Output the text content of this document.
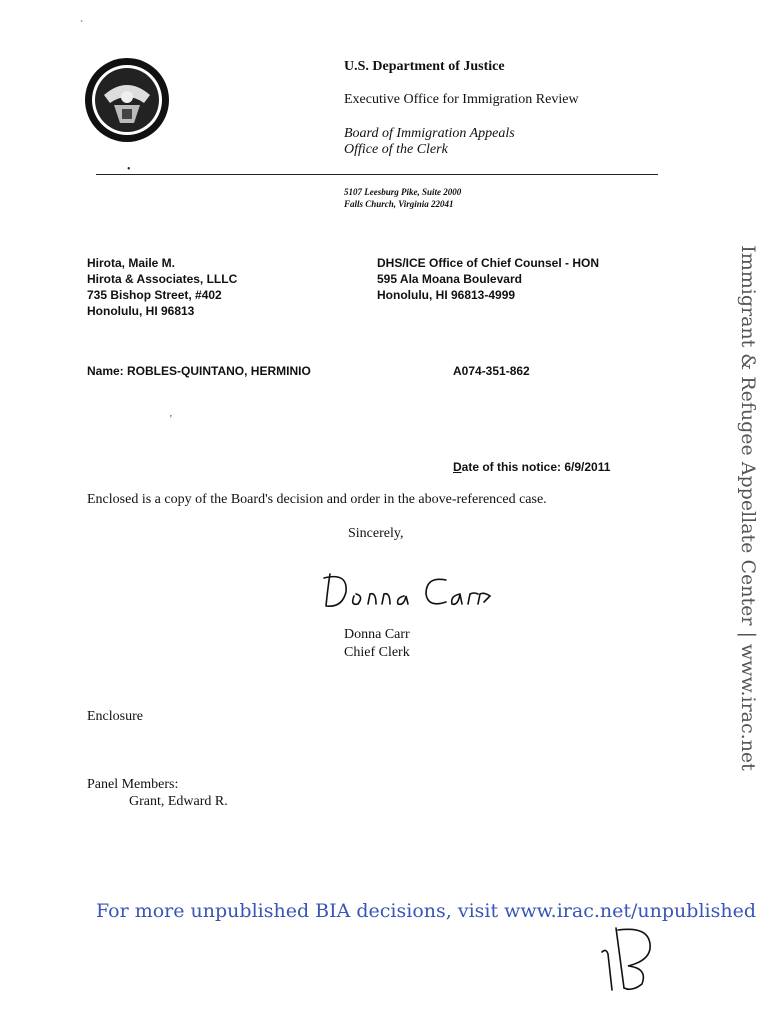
`
•
'
U.S. Department of Justice
Executive Office for Immigration Review
Board of Immigration Appeals
Office of the Clerk
5107 Leesburg Pike, Suite 2000
Falls Church, Virginia 22041
Hirota, Maile M.
Hirota & Associates, LLLC
735 Bishop Street, #402
Honolulu, HI 96813
DHS/ICE Office of Chief Counsel - HON
595 Ala Moana Boulevard
Honolulu, HI 96813-4999
Name: ROBLES-QUINTANO, HERMINIO	A074-351-862
Date of this notice: 6/9/2011
Enclosed is a copy of the Board's decision and order in the above-referenced case.
Sincerely,
Donna Carr
Chief Clerk
Enclosure
Panel Members:
Grant, Edward R.
For more unpublished BIA decisions, visit www.irac.net/unpublished
Immigrant & Refugee Appellate Center | www.irac.net
